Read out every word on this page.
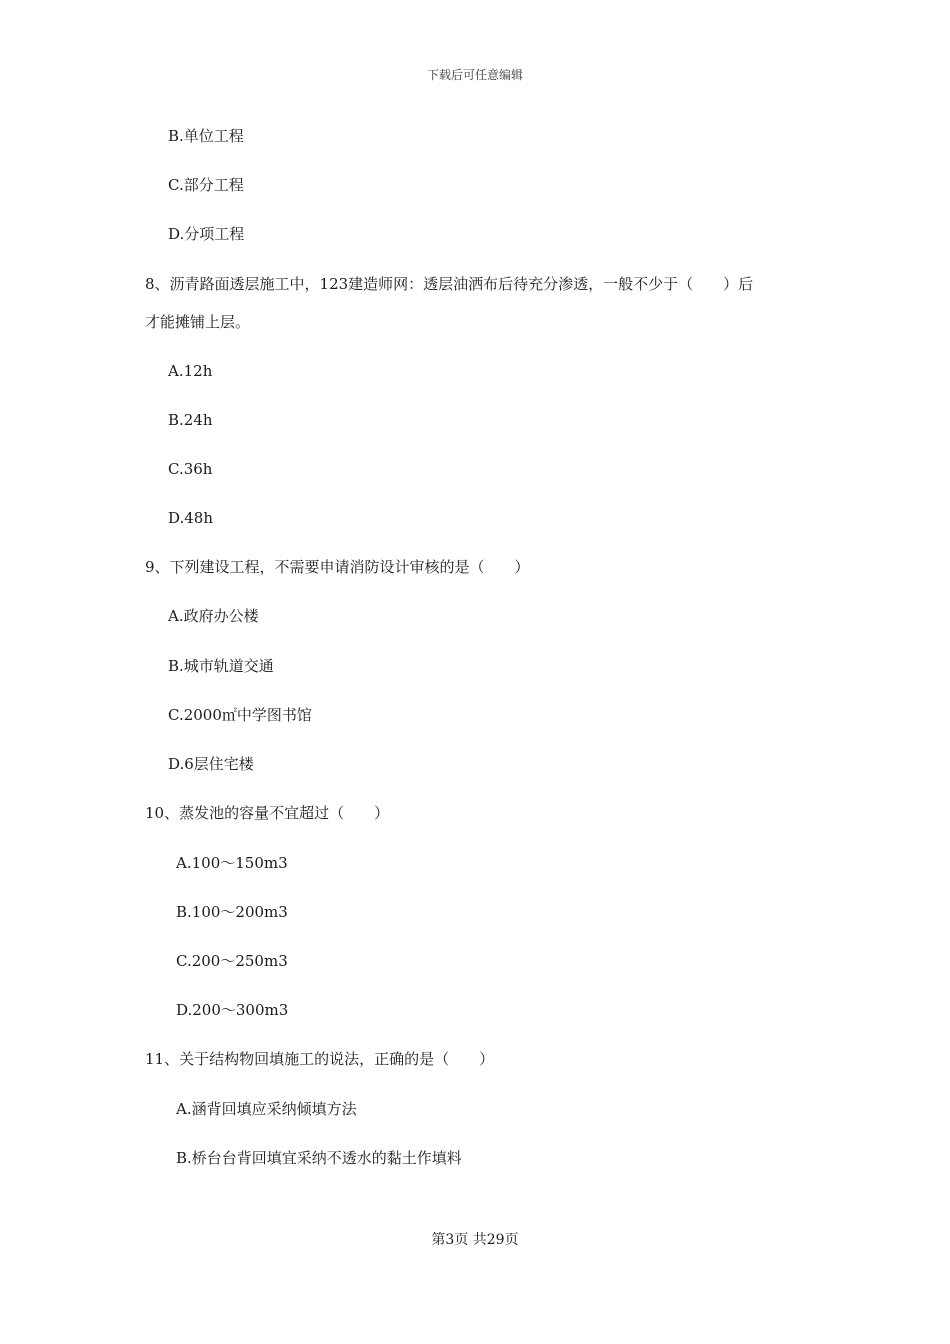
下载后可任意编辑
B.单位工程
C.部分工程
D.分项工程
8、沥青路面透层施工中，123建造师网：透层油洒布后待充分渗透，一般不少于（　　）后
才能摊铺上层。
A.12h
B.24h
C.36h
D.48h
9、下列建设工程，不需要申请消防设计审核的是（　　）
A.政府办公楼
B.城市轨道交通
C.2000㎡中学图书馆
D.6层住宅楼
10、蒸发池的容量不宜超过（　　）
A.100～150m3
B.100～200m3
C.200～250m3
D.200～300m3
11、关于结构物回填施工的说法，正确的是（　　）
A.涵背回填应采纳倾填方法
B.桥台台背回填宜采纳不透水的黏土作填料
第3页 共29页
